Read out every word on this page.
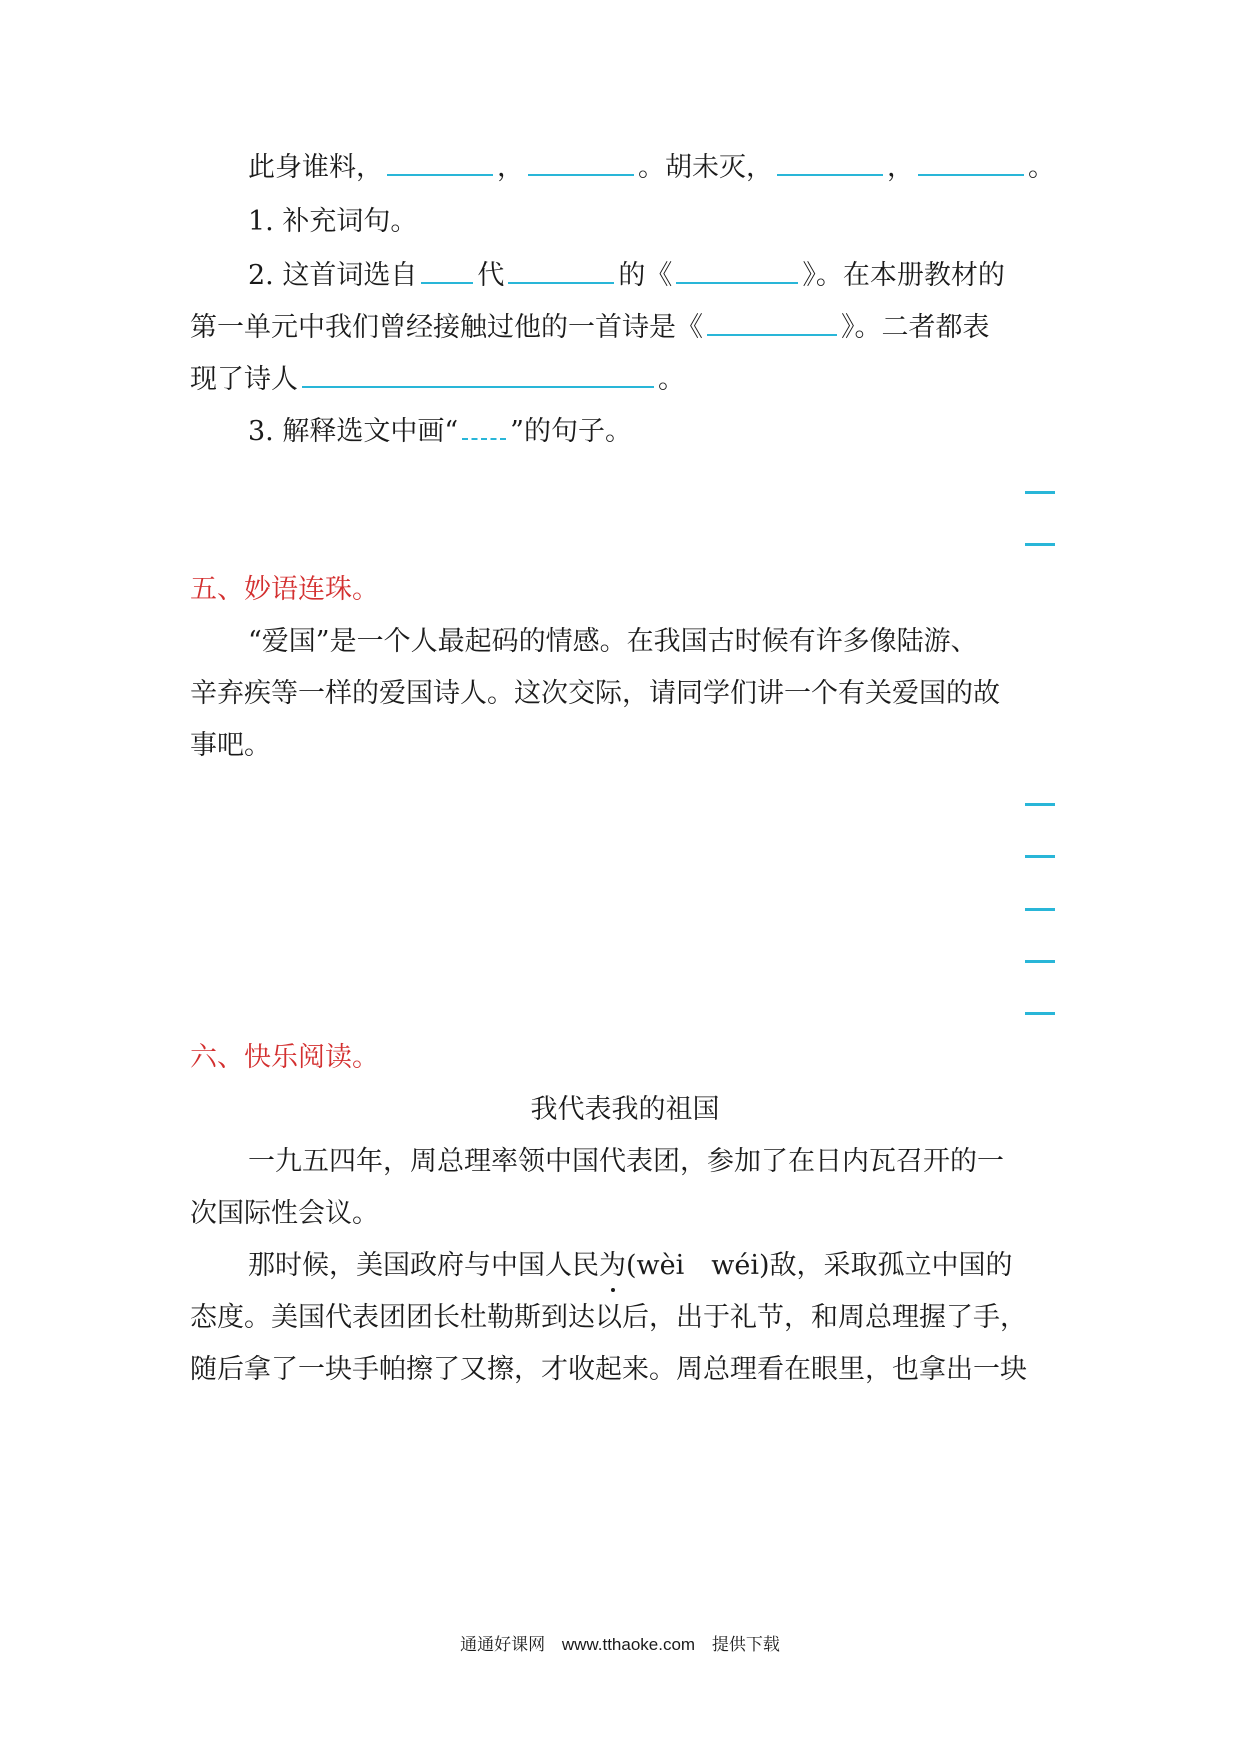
此身谁料，	，	。胡未灭，	，	。
1. 补充词句。
2. 这首词选自 代	的《	》。在本册教材的
第一单元中我们曾经接触过他的一首诗是《	》。二者都表
现了诗人	。
3. 解释选文中画“ ”的句子。
五、妙语连珠。
“爱国”是一个人最起码的情感。在我国古时候有许多像陆游、
辛弃疾等一样的爱国诗人。这次交际，请同学们讲一个有关爱国的故
事吧。
六、快乐阅读。
我代表我的祖国
一九五四年，周总理率领中国代表团，参加了在日内瓦召开的一
次国际性会议。
那时候，美国政府与中国人民为(wèi　wéi)敌，采取孤立中国的
态度。美国代表团团长杜勒斯到达以后，出于礼节，和周总理握了手，
随后拿了一块手帕擦了又擦，才收起来。周总理看在眼里，也拿出一块
通通好课网 www.tthaoke.com 提供下载
